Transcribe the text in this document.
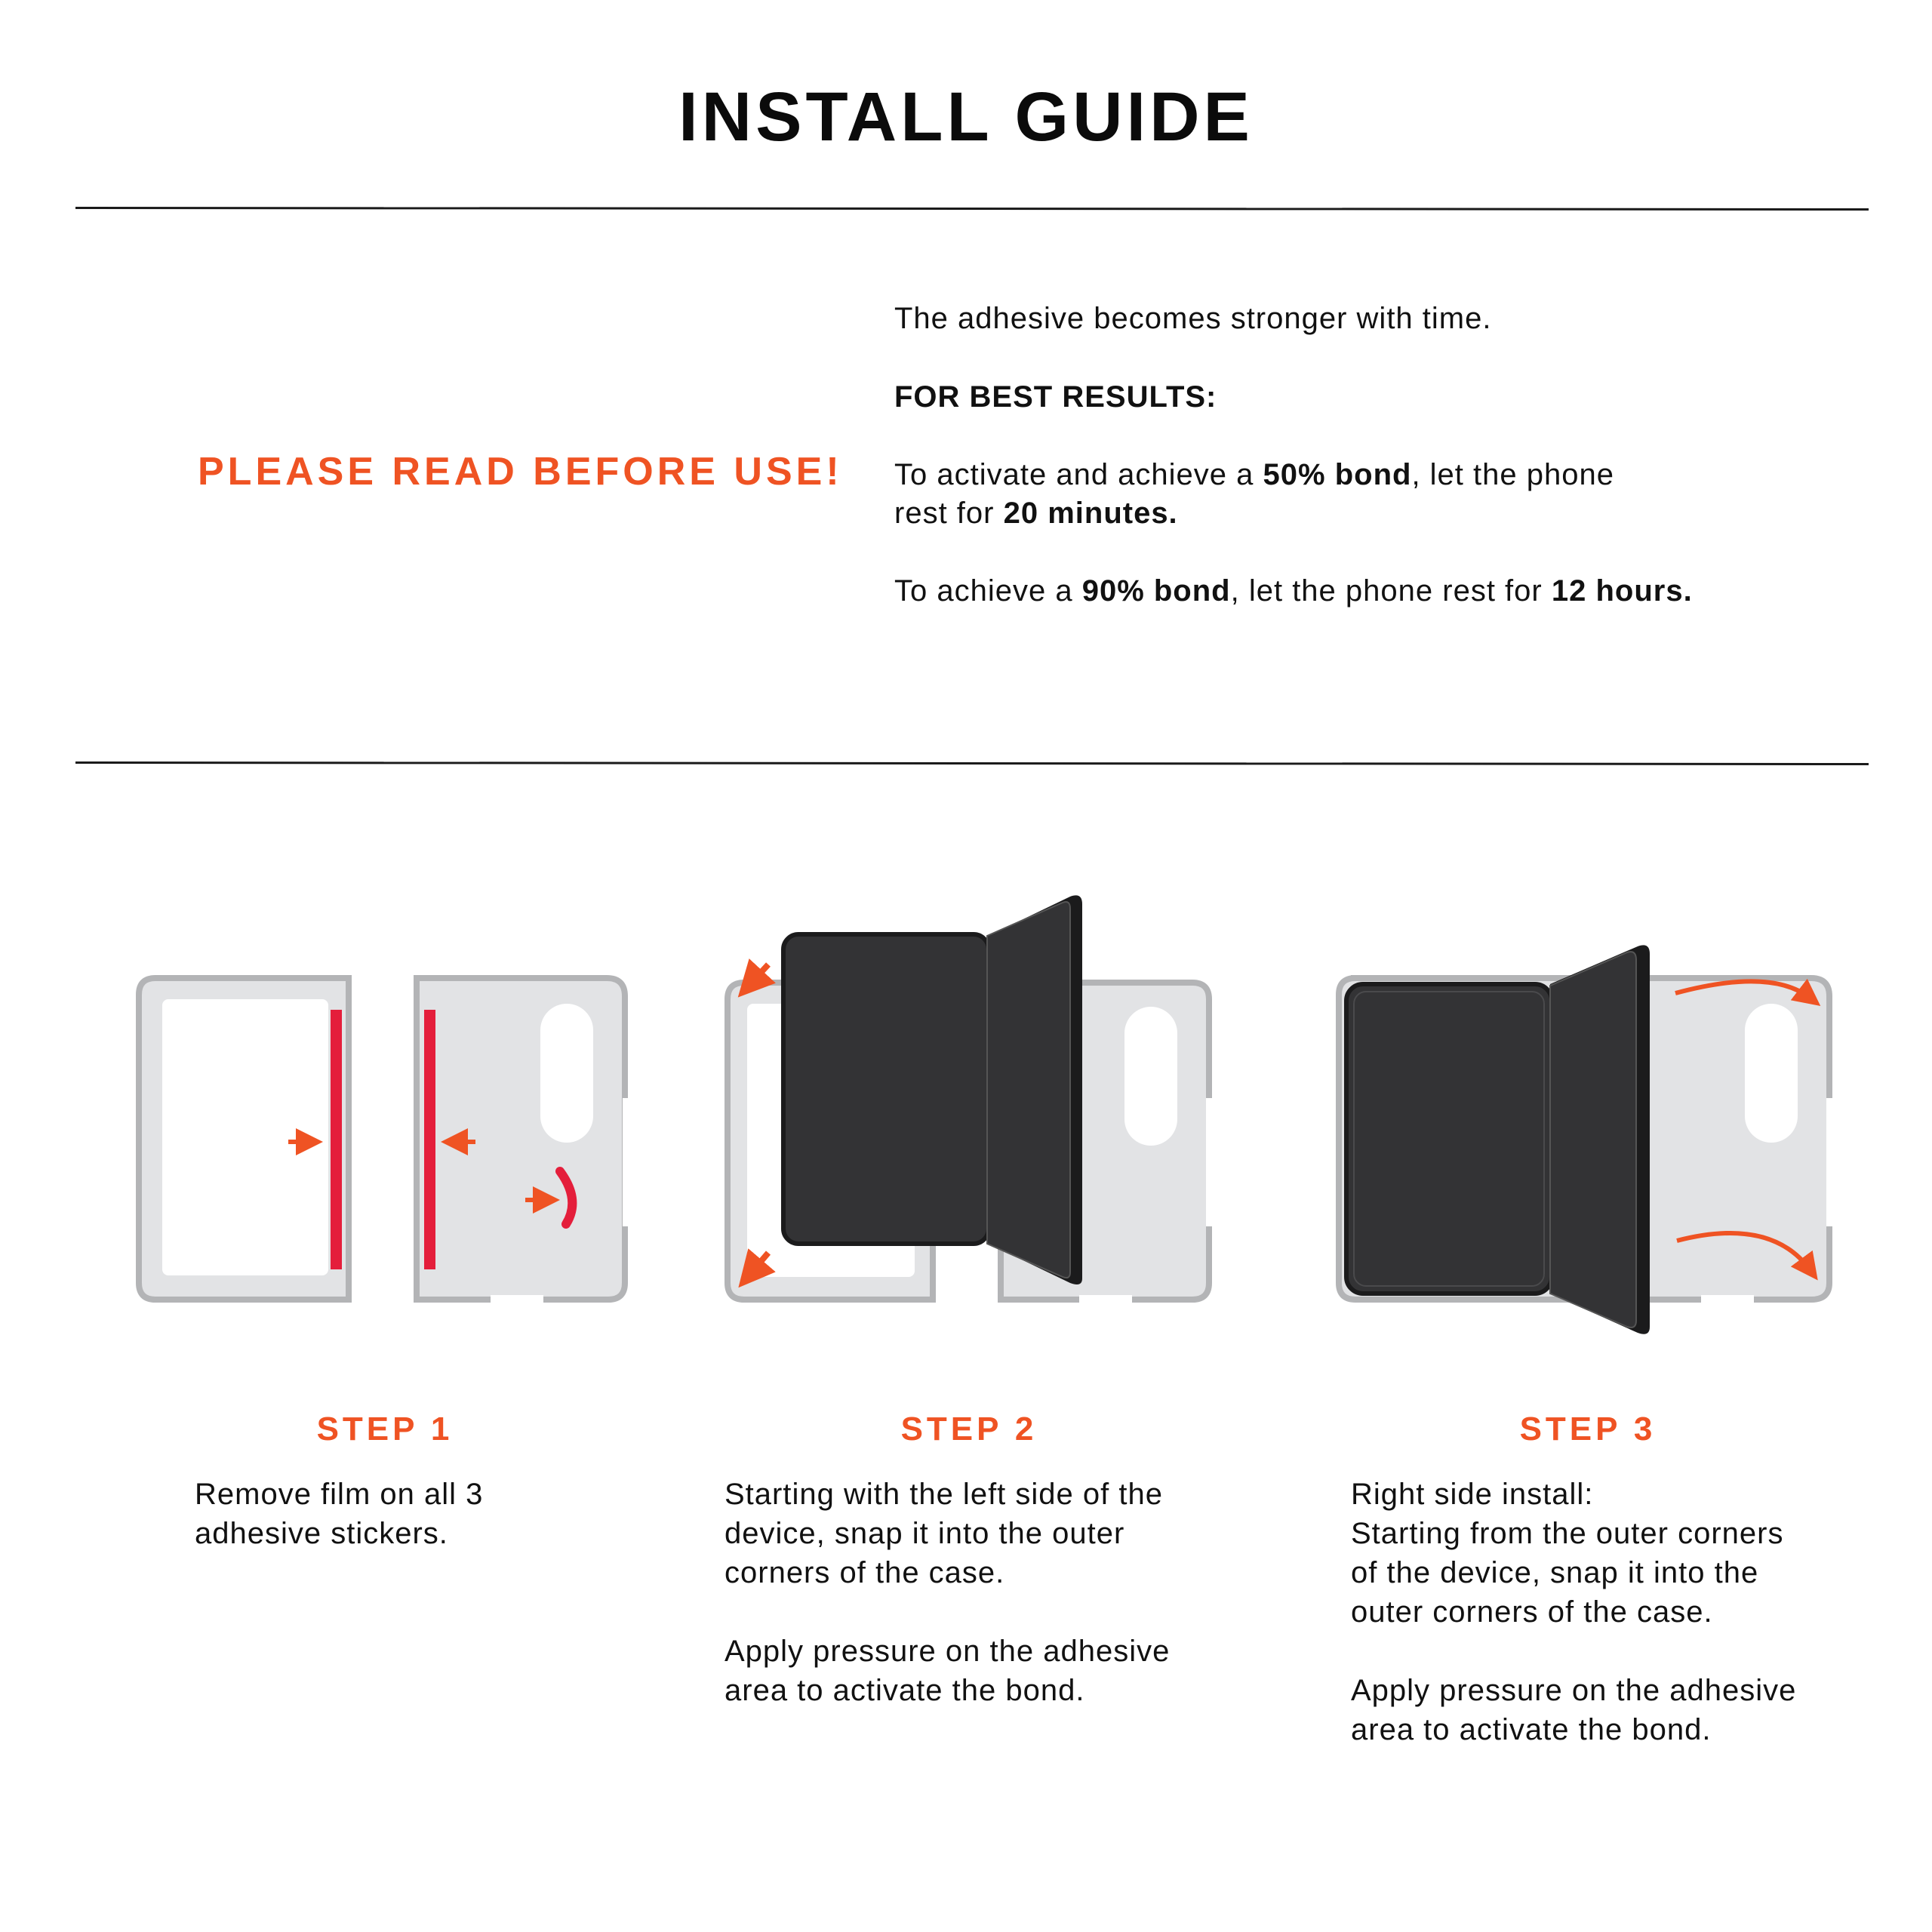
INSTALL GUIDE
PLEASE READ BEFORE USE!
The adhesive becomes stronger with time.
FOR BEST RESULTS:
To activate and achieve a 50% bond, let the phone
rest for 20 minutes.
To achieve a 90% bond, let the phone rest for 12 hours.
STEP 1
Remove film on all 3
adhesive stickers.
STEP 2
Starting with the left side of the
device, snap it into the outer
corners of the case.

Apply pressure on the adhesive
area to activate the bond.
STEP 3
Right side install:
Starting from the outer corners
of the device, snap it into the
outer corners of the case.

Apply pressure on the adhesive
area to activate the bond.
